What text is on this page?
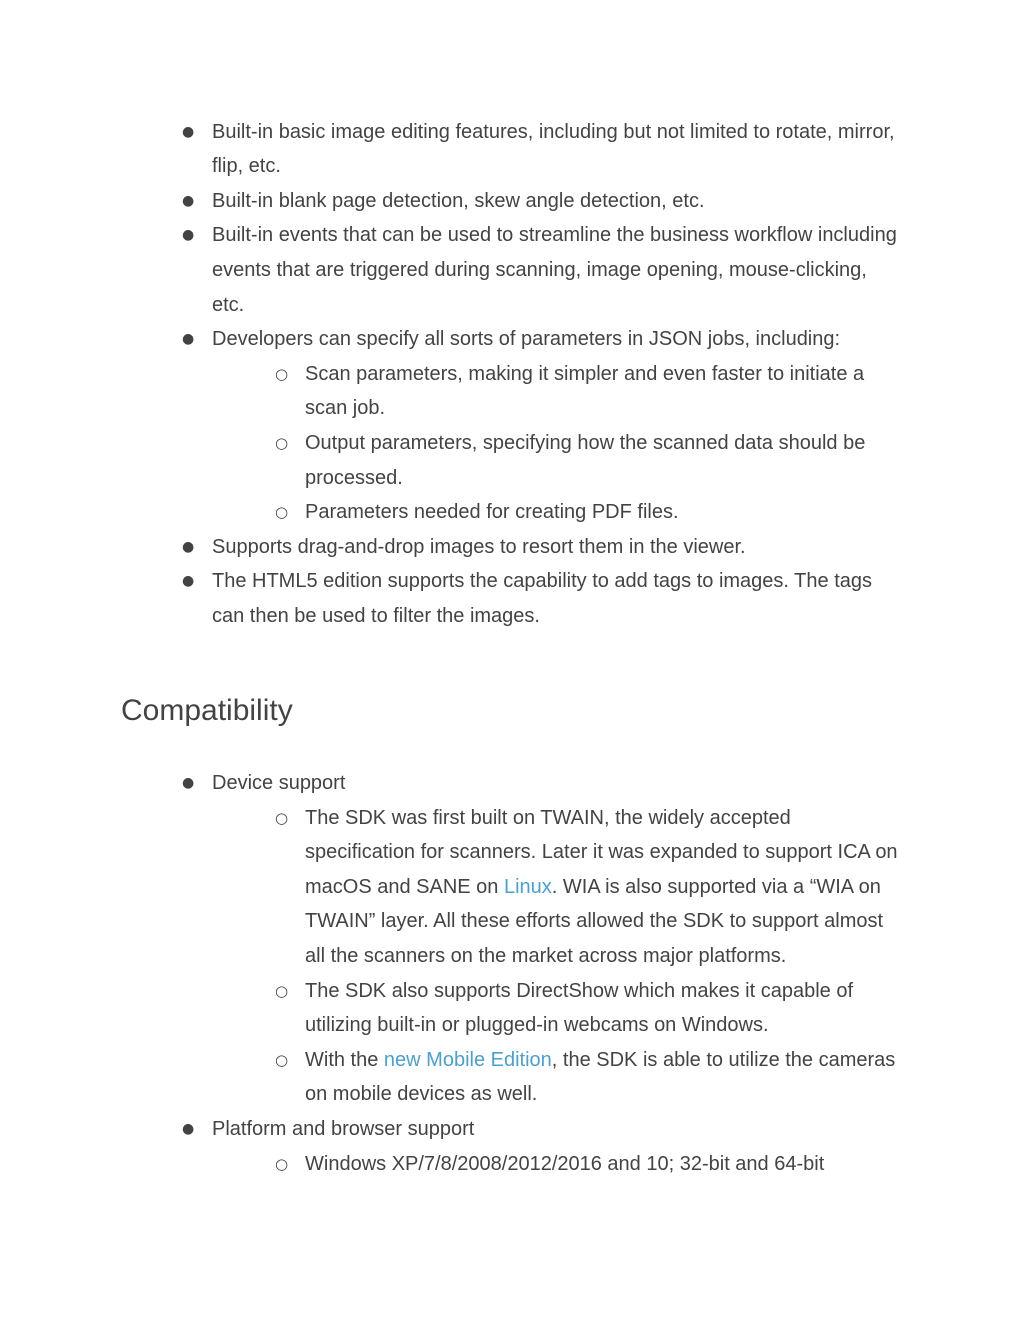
● Built-in basic image editing features, including but not limited to rotate, mirror,
flip, etc.
● Built-in blank page detection, skew angle detection, etc.
● Built-in events that can be used to streamline the business workflow including
events that are triggered during scanning, image opening, mouse-clicking,
etc.
● Developers can specify all sorts of parameters in JSON jobs, including:
○ Scan parameters, making it simpler and even faster to initiate a
scan job.
○ Output parameters, specifying how the scanned data should be
processed.
○ Parameters needed for creating PDF files.
● Supports drag-and-drop images to resort them in the viewer.
● The HTML5 edition supports the capability to add tags to images. The tags
can then be used to filter the images.
Compatibility
● Device support
○ The SDK was first built on TWAIN, the widely accepted
specification for scanners. Later it was expanded to support ICA on
macOS and SANE on Linux. WIA is also supported via a “WIA on
TWAIN” layer. All these efforts allowed the SDK to support almost
all the scanners on the market across major platforms.
○ The SDK also supports DirectShow which makes it capable of
utilizing built-in or plugged-in webcams on Windows.
○ With the new Mobile Edition, the SDK is able to utilize the cameras
on mobile devices as well.
● Platform and browser support
○ Windows XP/7/8/2008/2012/2016 and 10; 32-bit and 64-bit
